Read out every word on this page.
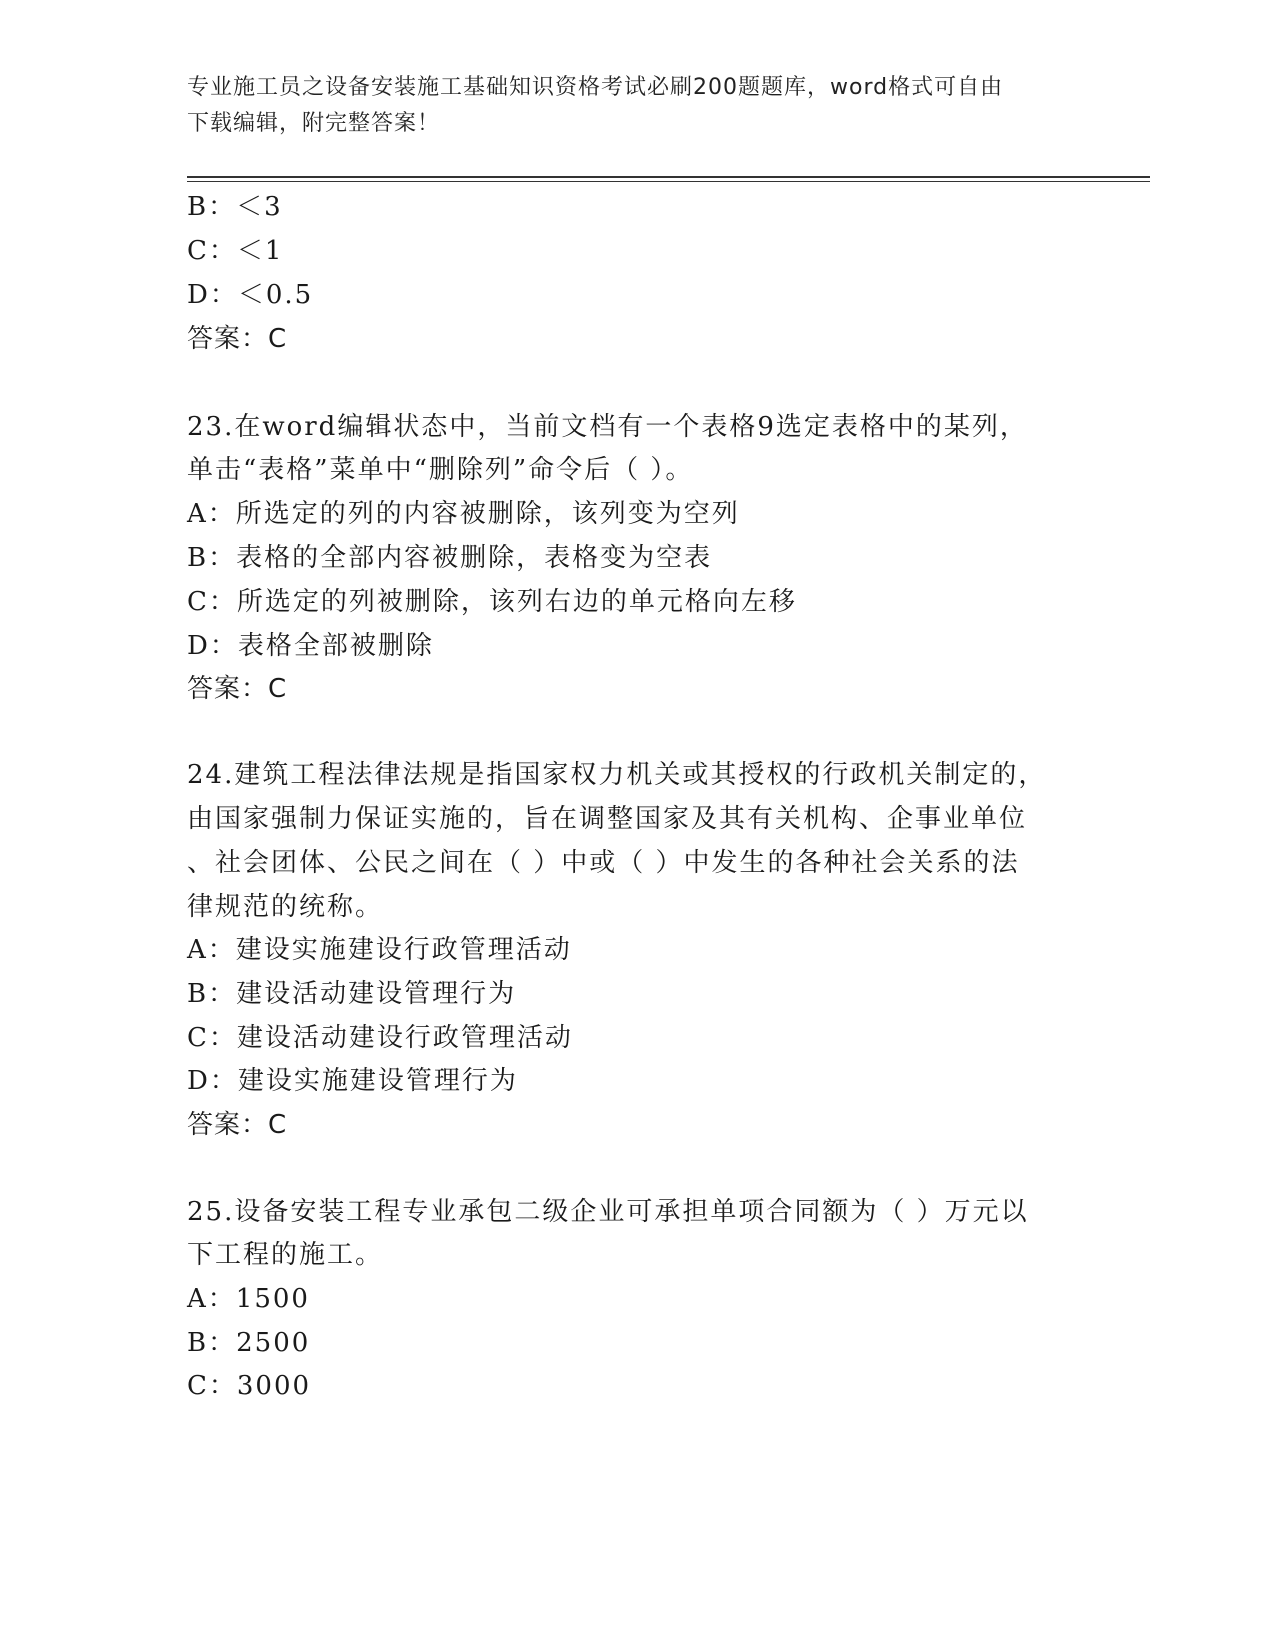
专业施工员之设备安装施工基础知识资格考试必刷200题题库，word格式可自由
下载编辑，附完整答案！
B：＜3
C：＜1
D：＜0.5
答案：C
23.在word编辑状态中，当前文档有一个表格9选定表格中的某列，
单击“表格”菜单中“删除列”命令后（ ）。
A：所选定的列的内容被删除，该列变为空列
B：表格的全部内容被删除，表格变为空表
C：所选定的列被删除，该列右边的单元格向左移
D：表格全部被删除
答案：C
24.建筑工程法律法规是指国家权力机关或其授权的行政机关制定的，
由国家强制力保证实施的，旨在调整国家及其有关机构、企事业单位
、社会团体、公民之间在（ ）中或（ ）中发生的各种社会关系的法
律规范的统称。
A：建设实施建设行政管理活动
B：建设活动建设管理行为
C：建设活动建设行政管理活动
D：建设实施建设管理行为
答案：C
25.设备安装工程专业承包二级企业可承担单项合同额为（ ）万元以
下工程的施工。
A：1500
B：2500
C：3000
